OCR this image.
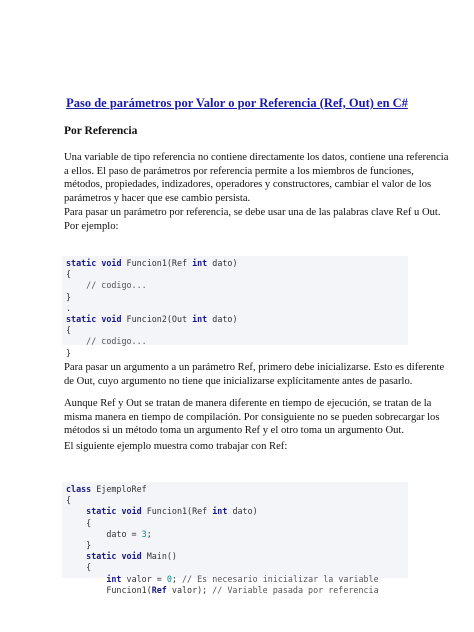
Paso de parámetros por Valor o por Referencia (Ref, Out) en C#
Por Referencia
Una variable de tipo referencia no contiene directamente los datos, contiene una referencia
a ellos. El paso de parámetros por referencia permite a los miembros de funciones,
métodos, propiedades, indizadores, operadores y constructores, cambiar el valor de los
parámetros y hacer que ese cambio persista.
Para pasar un parámetro por referencia, se debe usar una de las palabras clave Ref u Out.
Por ejemplo:
static void Funcion1(Ref int dato)
{
// codigo...
}
.
static void Funcion2(Out int dato)
{
// codigo...
}
Para pasar un argumento a un parámetro Ref, primero debe inicializarse. Esto es diferente
de Out, cuyo argumento no tiene que inicializarse explícitamente antes de pasarlo.
Aunque Ref y Out se tratan de manera diferente en tiempo de ejecución, se tratan de la
misma manera en tiempo de compilación. Por consiguiente no se pueden sobrecargar los
métodos si un método toma un argumento Ref y el otro toma un argumento Out.
El siguiente ejemplo muestra como trabajar con Ref:
class EjemploRef
{
static void Funcion1(Ref int dato)
{
dato = 3;
}
static void Main()
{
int valor = 0; // Es necesario inicializar la variable
Funcion1(Ref valor); // Variable pasada por referencia
